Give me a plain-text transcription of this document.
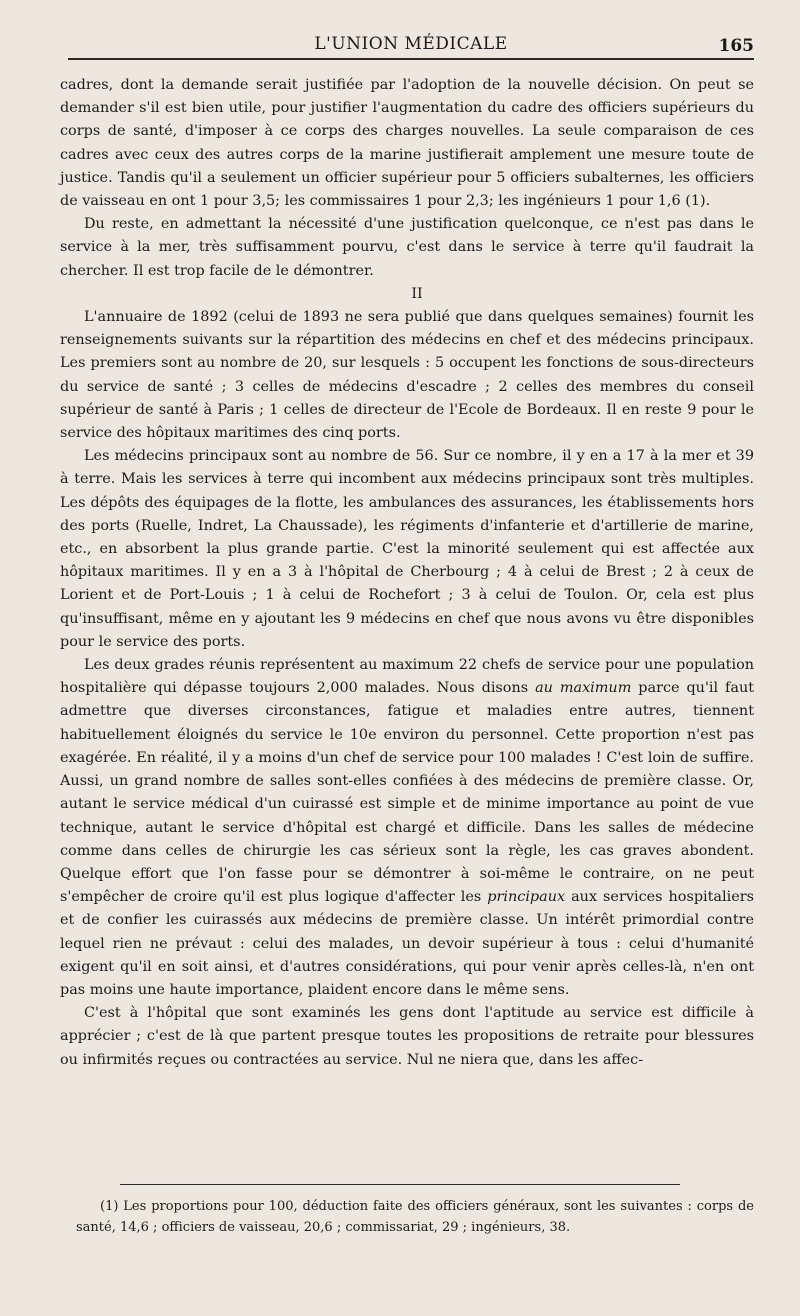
L'UNION MÉDICALE	165

cadres, dont la demande serait justifiée par l'adoption de la nouvelle décision. On peut se demander s'il est bien utile, pour justifier l'augmentation du cadre des officiers supérieurs du corps de santé, d'imposer à ce corps des charges nouvelles. La seule comparaison de ces cadres avec ceux des autres corps de la marine justifierait amplement une mesure toute de justice. Tandis qu'il a seulement un officier supérieur pour 5 officiers subalternes, les officiers de vaisseau en ont 1 pour 3,5; les commissaires 1 pour 2,3; les ingénieurs 1 pour 1,6 (1).

Du reste, en admettant la nécessité d'une justification quelconque, ce n'est pas dans le service à la mer, très suffisamment pourvu, c'est dans le service à terre qu'il faudrait la chercher. Il est trop facile de le démontrer.

II

L'annuaire de 1892 (celui de 1893 ne sera publié que dans quelques semaines) fournit les renseignements suivants sur la répartition des médecins en chef et des médecins principaux. Les premiers sont au nombre de 20, sur lesquels : 5 occupent les fonctions de sous-directeurs du service de santé ; 3 celles de médecins d'escadre ; 2 celles des membres du conseil supérieur de santé à Paris ; 1 celles de directeur de l'Ecole de Bordeaux. Il en reste 9 pour le service des hôpitaux maritimes des cinq ports.

Les médecins principaux sont au nombre de 56. Sur ce nombre, il y en a 17 à la mer et 39 à terre. Mais les services à terre qui incombent aux médecins principaux sont très multiples. Les dépôts des équipages de la flotte, les ambulances des assurances, les établissements hors des ports (Ruelle, Indret, La Chaussade), les régiments d'infanterie et d'artillerie de marine, etc., en absorbent la plus grande partie. C'est la minorité seulement qui est affectée aux hôpitaux maritimes. Il y en a 3 à l'hôpital de Cherbourg ; 4 à celui de Brest ; 2 à ceux de Lorient et de Port-Louis ; 1 à celui de Rochefort ; 3 à celui de Toulon. Or, cela est plus qu'insuffisant, même en y ajoutant les 9 médecins en chef que nous avons vu être disponibles pour le service des ports.

Les deux grades réunis représentent au maximum 22 chefs de service pour une population hospitalière qui dépasse toujours 2,000 malades. Nous disons au maximum parce qu'il faut admettre que diverses circonstances, fatigue et maladies entre autres, tiennent habituellement éloignés du service le 10e environ du personnel. Cette proportion n'est pas exagérée. En réalité, il y a moins d'un chef de service pour 100 malades ! C'est loin de suffire. Aussi, un grand nombre de salles sont-elles confiées à des médecins de première classe. Or, autant le service médical d'un cuirassé est simple et de minime importance au point de vue technique, autant le service d'hôpital est chargé et difficile. Dans les salles de médecine comme dans celles de chirurgie les cas sérieux sont la règle, les cas graves abondent. Quelque effort que l'on fasse pour se démontrer à soi-même le contraire, on ne peut s'empêcher de croire qu'il est plus logique d'affecter les principaux aux services hospitaliers et de confier les cuirassés aux médecins de première classe. Un intérêt primordial contre lequel rien ne prévaut : celui des malades, un devoir supérieur à tous : celui d'humanité exigent qu'il en soit ainsi, et d'autres considérations, qui pour venir après celles-là, n'en ont pas moins une haute importance, plaident encore dans le même sens.

C'est à l'hôpital que sont examinés les gens dont l'aptitude au service est difficile à apprécier ; c'est de là que partent presque toutes les propositions de retraite pour blessures ou infirmités reçues ou contractées au service. Nul ne niera que, dans les affec-

(1) Les proportions pour 100, déduction faite des officiers généraux, sont les suivantes : corps de santé, 14,6 ; officiers de vaisseau, 20,6 ; commissariat, 29 ; ingénieurs, 38.
